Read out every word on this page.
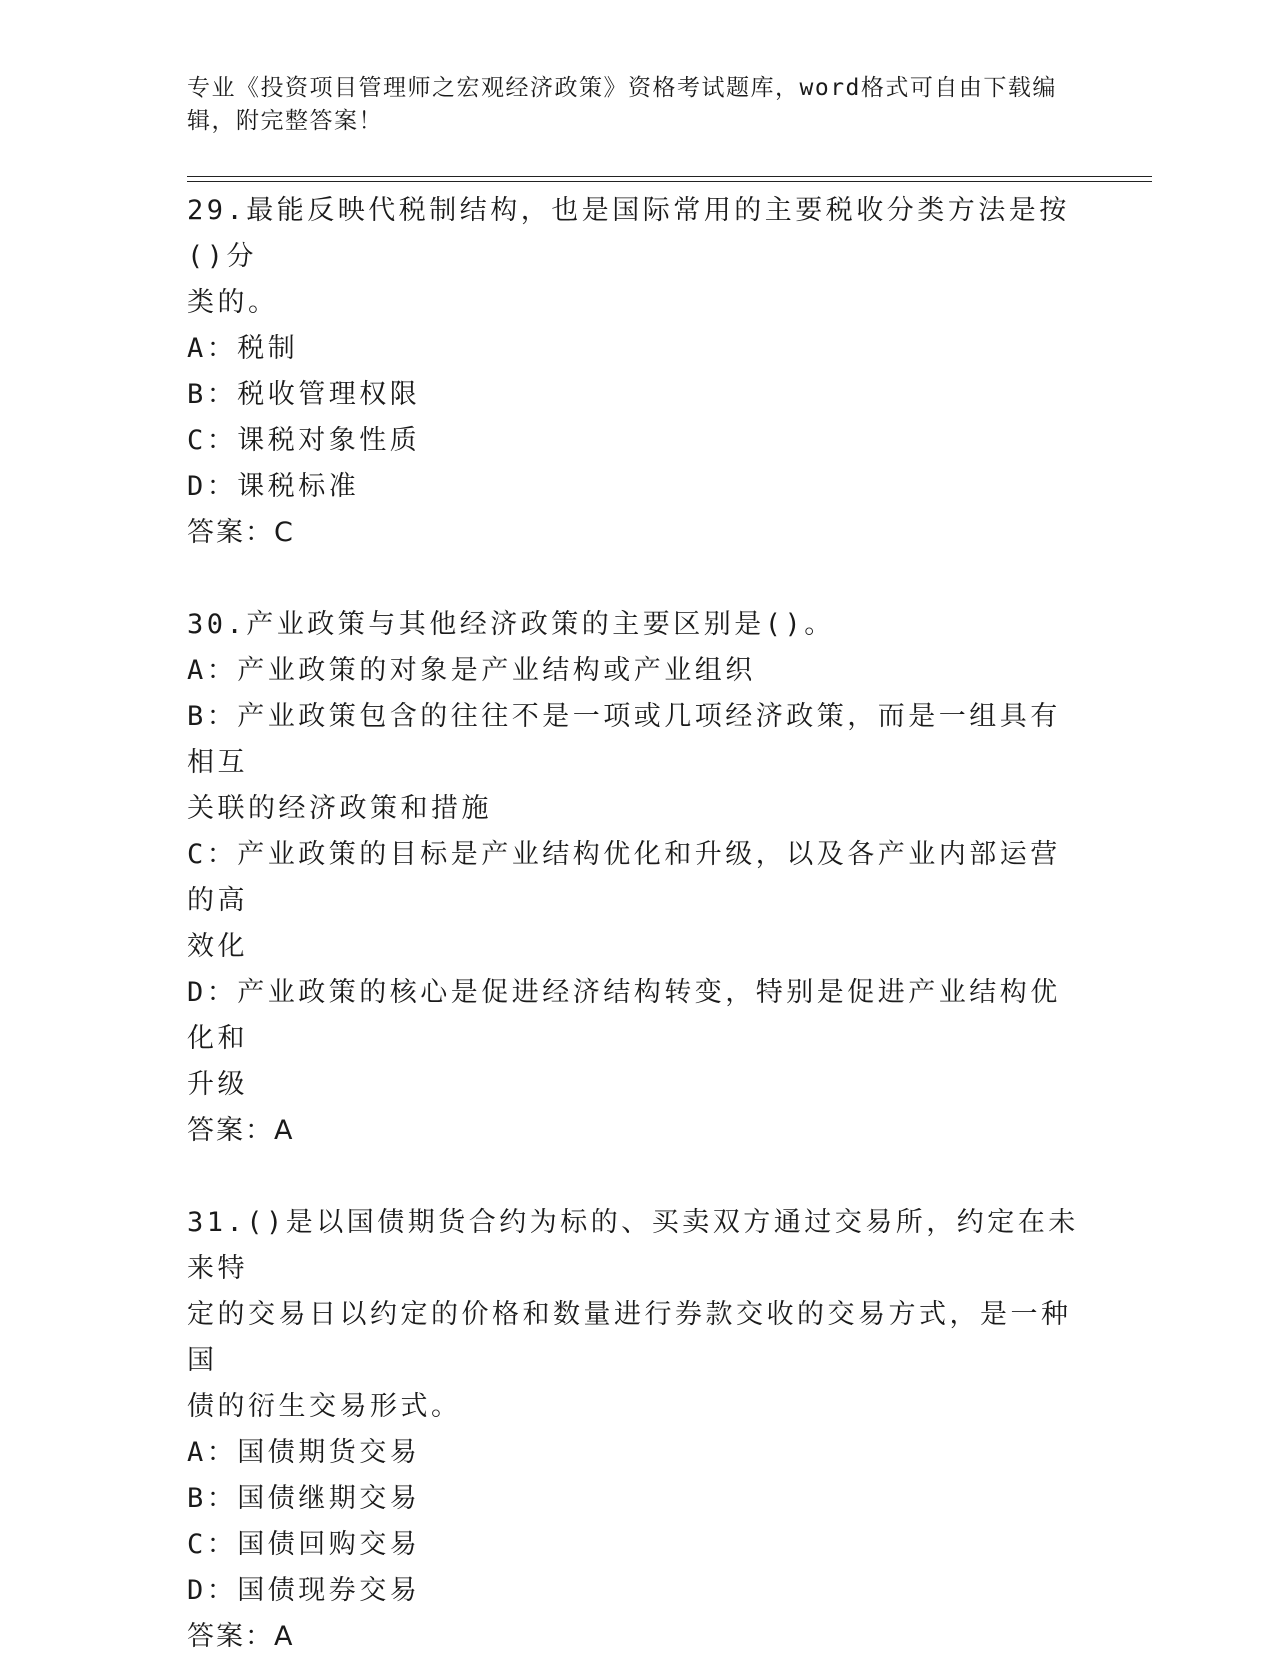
专业《投资项目管理师之宏观经济政策》资格考试题库，word格式可自由下载编
辑，附完整答案！
29.最能反映代税制结构，也是国际常用的主要税收分类方法是按()分
类的。
A：税制
B：税收管理权限
C：课税对象性质
D：课税标准
答案：C
30.产业政策与其他经济政策的主要区别是()。
A：产业政策的对象是产业结构或产业组织
B：产业政策包含的往往不是一项或几项经济政策，而是一组具有相互
关联的经济政策和措施
C：产业政策的目标是产业结构优化和升级，以及各产业内部运营的高
效化
D：产业政策的核心是促进经济结构转变，特别是促进产业结构优化和
升级
答案：A
31.()是以国债期货合约为标的、买卖双方通过交易所，约定在未来特
定的交易日以约定的价格和数量进行券款交收的交易方式，是一种国
债的衍生交易形式。
A：国债期货交易
B：国债继期交易
C：国债回购交易
D：国债现券交易
答案：A
